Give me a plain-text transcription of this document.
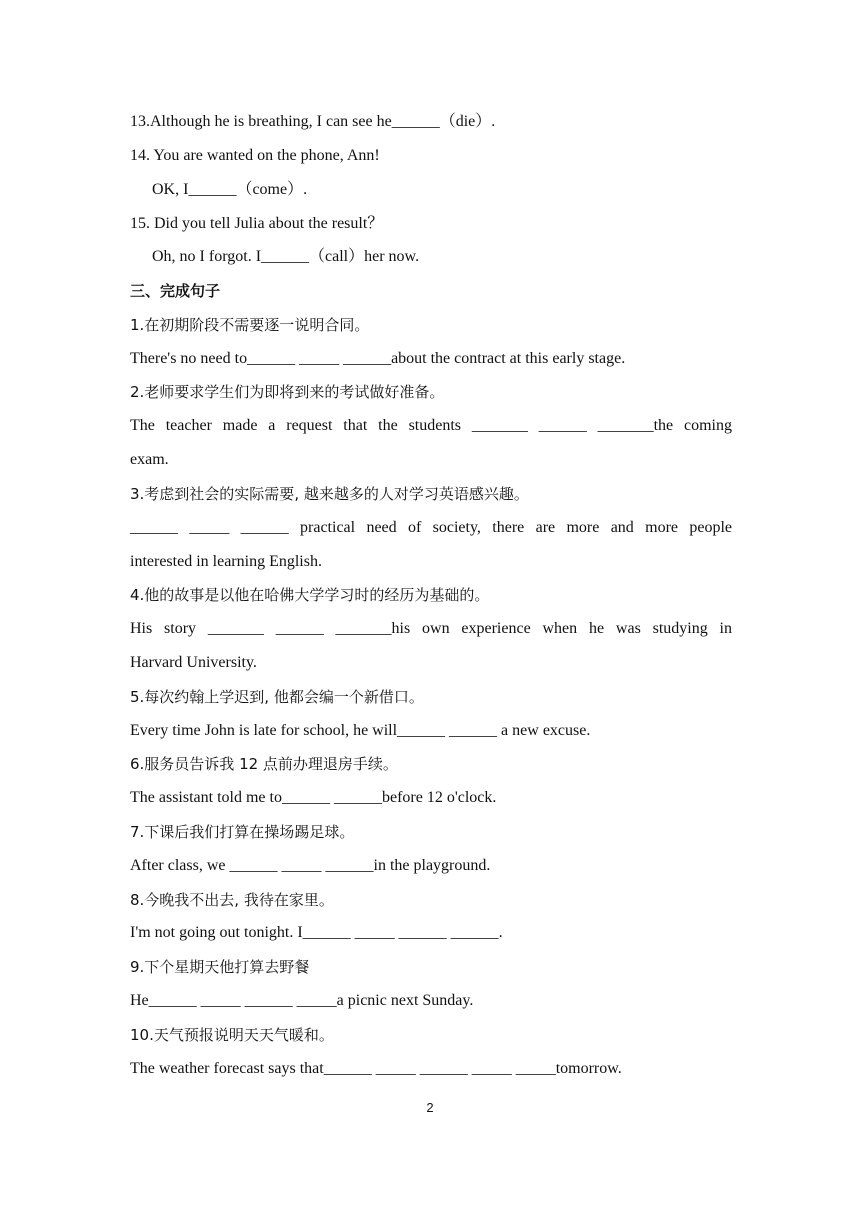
13.Although he is breathing, I can see he______（die）.
14. You are wanted on the phone, Ann!
OK, I______（come）.
15. Did you tell Julia about the result？
Oh, no I forgot. I______（call）her now.
三、完成句子
1.在初期阶段不需要逐一说明合同。
There's no need to______ _____ ______about the contract at this early stage.
2.老师要求学生们为即将到来的考试做好准备。
The teacher made a request that the students _______ ______ _______the coming
exam.
3.考虑到社会的实际需要, 越来越多的人对学习英语感兴趣。
______ _____ ______ practical need of society, there are more and more people
interested in learning English.
4.他的故事是以他在哈佛大学学习时的经历为基础的。
His story _______ ______ _______his own experience when he was studying in
Harvard University.
5.每次约翰上学迟到, 他都会编一个新借口。
Every time John is late for school, he will______ ______ a new excuse.
6.服务员告诉我 12 点前办理退房手续。
The assistant told me to______ ______before 12 o'clock.
7.下课后我们打算在操场踢足球。
After class, we ______ _____ ______in the playground.
8.今晚我不出去, 我待在家里。
I'm not going out tonight. I______ _____ ______ ______.
9.下个星期天他打算去野餐
He______ _____ ______ _____a picnic next Sunday.
10.天气预报说明天天气暖和。
The weather forecast says that______ _____ ______ _____ _____tomorrow.
2
